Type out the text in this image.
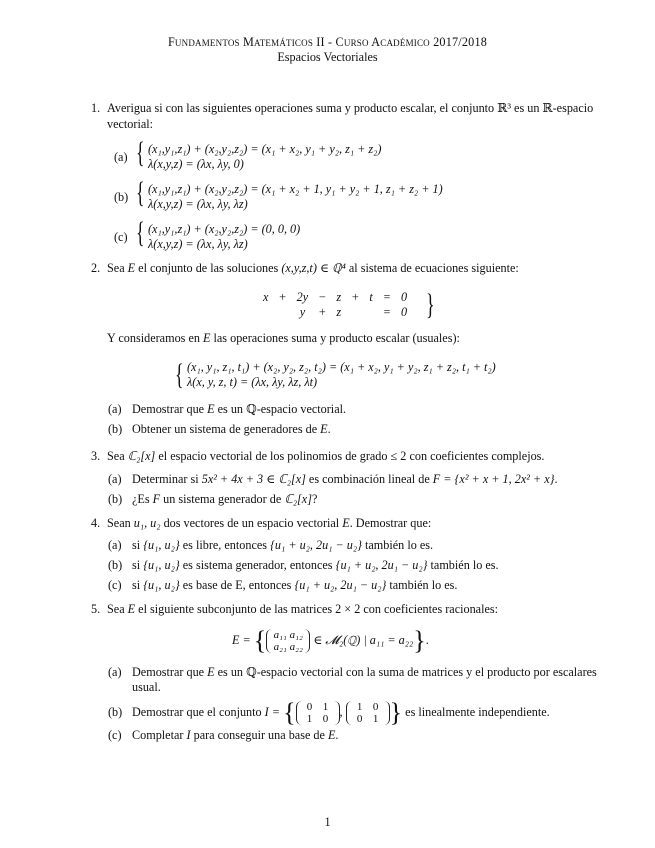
Fundamentos Matemáticos II - Curso Académico 2017/2018
Espacios Vectoriales
1. Averigua si con las siguientes operaciones suma y producto escalar, el conjunto ℝ³ es un ℝ-espacio
vectorial:
(a) { (x₁,y₁,z₁) + (x₂,y₂,z₂) = (x₁ + x₂, y₁ + y₂, z₁ + z₂)
λ(x,y,z) = (λx, λy, 0)
(b) { (x₁,y₁,z₁) + (x₂,y₂,z₂) = (x₁ + x₂ + 1, y₁ + y₂ + 1, z₁ + z₂ + 1)
λ(x,y,z) = (λx, λy, λz)
(c) { (x₁,y₁,z₁) + (x₂,y₂,z₂) = (0, 0, 0)
λ(x,y,z) = (λx, λy, λz)
2. Sea E el conjunto de las soluciones (x,y,z,t) ∈ ℚ⁴ al sistema de ecuaciones siguiente:
x	+	2y	−	z	+	t	=	0
		y	+	z			=	0 }
Y consideramos en E las operaciones suma y producto escalar (usuales):
{ (x₁, y₁, z₁, t₁) + (x₂, y₂, z₂, t₂) = (x₁ + x₂, y₁ + y₂, z₁ + z₂, t₁ + t₂)
λ(x, y, z, t) = (λx, λy, λz, λt)
(a) Demostrar que E es un ℚ-espacio vectorial.
(b) Obtener un sistema de generadores de E.
3. Sea ℂ₂[x] el espacio vectorial de los polinomios de grado ≤ 2 con coeficientes complejos.
(a) Determinar si 5x² + 4x + 3 ∈ ℂ₂[x] es combinación lineal de F = {x² + x + 1, 2x² + x}.
(b) ¿Es F un sistema generador de ℂ₂[x]?
4. Sean u₁, u₂ dos vectores de un espacio vectorial E. Demostrar que:
(a) si {u₁, u₂} es libre, entonces {u₁ + u₂, 2u₁ − u₂} también lo es.
(b) si {u₁, u₂} es sistema generador, entonces {u₁ + u₂, 2u₁ − u₂} también lo es.
(c) si {u₁, u₂} es base de E, entonces {u₁ + u₂, 2u₁ − u₂} también lo es.
5. Sea E el siguiente subconjunto de las matrices 2 × 2 con coeficientes racionales:
E = { a₁₁ a₁₂
a₂₁ a₂₂ ∈ 𝓜₂(ℚ) | a₁₁ = a₂₂}.
(a) Demostrar que E es un ℚ-espacio vectorial con la suma de matrices y el producto por escalares
usual.
(b) Demostrar que el conjunto I = { 0 1
1 0, 1 0
0 1 } es linealmente independiente.
(c) Completar I para conseguir una base de E.
1
